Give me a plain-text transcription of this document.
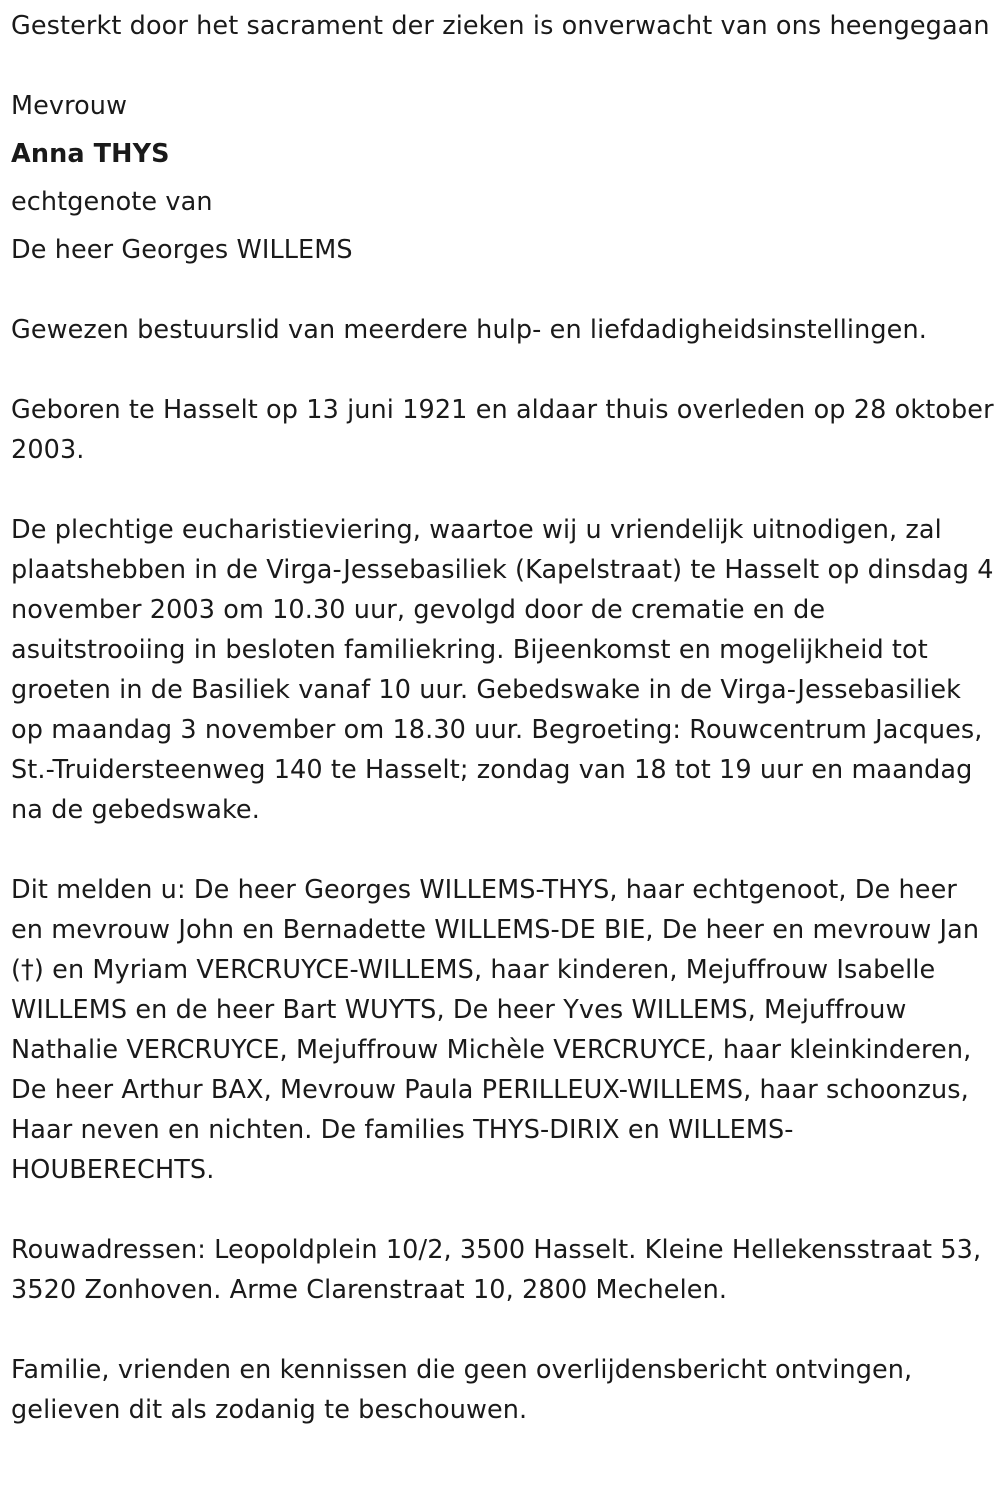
Gesterkt door het sacrament der zieken is onverwacht van ons heengegaan

Mevrouw

Anna THYS

echtgenote van

De heer Georges WILLEMS

Gewezen bestuurslid van meerdere hulp- en liefdadigheidsinstellingen.

Geboren te Hasselt op 13 juni 1921 en aldaar thuis overleden op 28 oktober 2003.

De plechtige eucharistieviering, waartoe wij u vriendelijk uitnodigen, zal plaatshebben in de Virga-Jessebasiliek (Kapelstraat) te Hasselt op dinsdag 4 november 2003 om 10.30 uur, gevolgd door de crematie en de asuitstrooiing in besloten familiekring. Bijeenkomst en mogelijkheid tot groeten in de Basiliek vanaf 10 uur. Gebedswake in de Virga-Jessebasiliek op maandag 3 november om 18.30 uur. Begroeting: Rouwcentrum Jacques, St.-Truidersteenweg 140 te Hasselt; zondag van 18 tot 19 uur en maandag na de gebedswake.

Dit melden u: De heer Georges WILLEMS-THYS, haar echtgenoot, De heer en mevrouw John en Bernadette WILLEMS-DE BIE, De heer en mevrouw Jan (†) en Myriam VERCRUYCE-WILLEMS, haar kinderen, Mejuffrouw Isabelle WILLEMS en de heer Bart WUYTS, De heer Yves WILLEMS, Mejuffrouw Nathalie VERCRUYCE, Mejuffrouw Michèle VERCRUYCE, haar kleinkinderen, De heer Arthur BAX, Mevrouw Paula PERILLEUX-WILLEMS, haar schoonzus, Haar neven en nichten. De families THYS-DIRIX en WILLEMS-HOUBERECHTS.

Rouwadressen: Leopoldplein 10/2, 3500 Hasselt. Kleine Hellekensstraat 53, 3520 Zonhoven. Arme Clarenstraat 10, 2800 Mechelen.

Familie, vrienden en kennissen die geen overlijdensbericht ontvingen, gelieven dit als zodanig te beschouwen.
